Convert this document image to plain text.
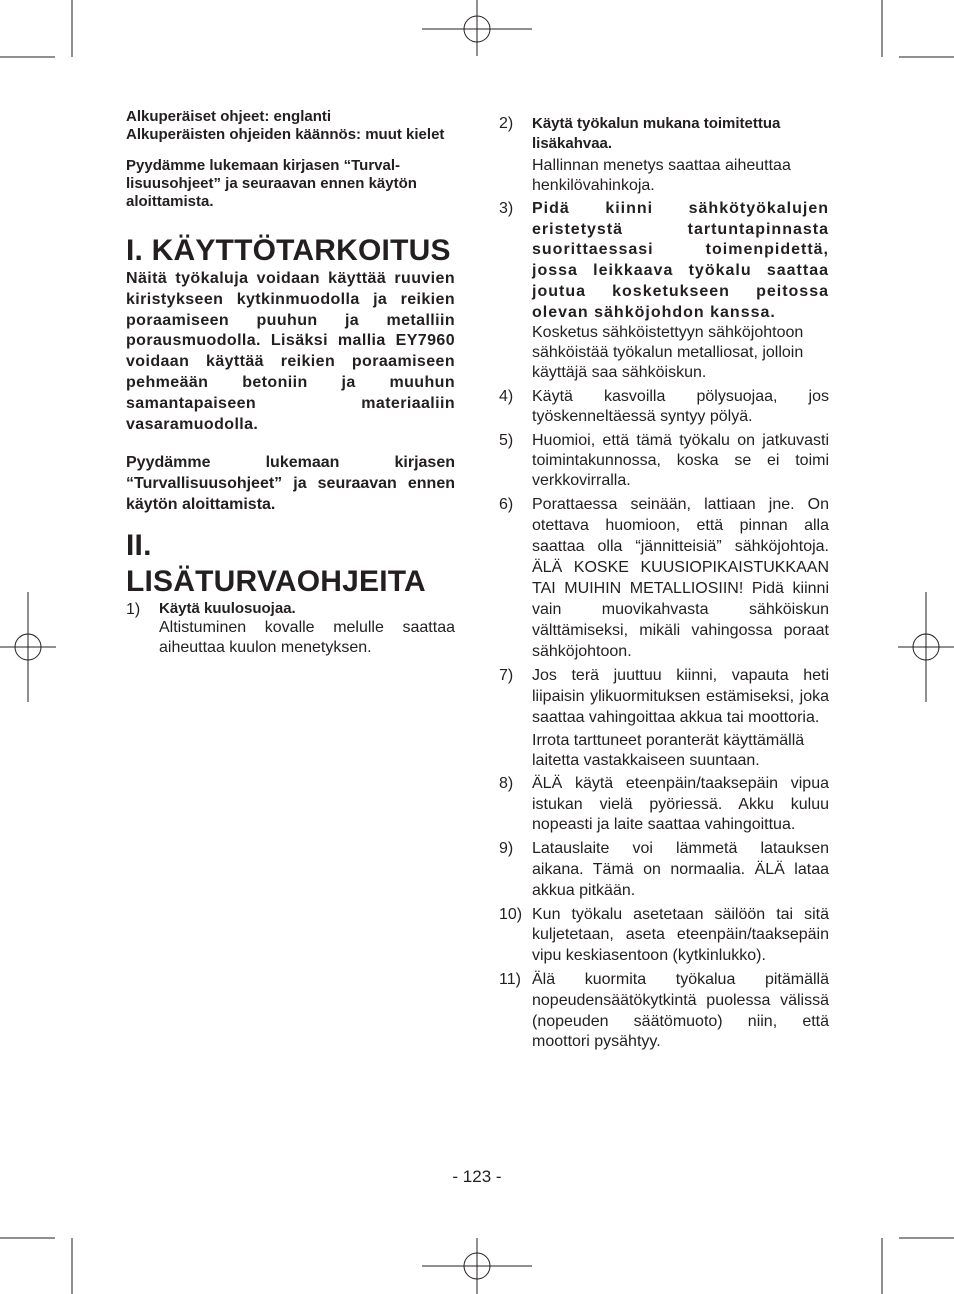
Alkuperäiset ohjeet: englanti

Alkuperäisten ohjeiden käännös: muut kielet

Pyydämme lukemaan kirjasen “Turval-lisuusohjeet” ja seuraavan ennen käytön aloittamista.

I. KÄYTTÖTARKOITUS

Näitä työkaluja voidaan käyttää ruuvien kiristykseen kytkinmuodolla ja reikien poraamiseen puuhun ja metalliin porausmuodolla. Lisäksi mallia EY7960 voidaan käyttää reikien poraamiseen pehmeään betoniin ja muuhun samantapaiseen materiaaliin vasaramuodolla.

Pyydämme lukemaan kirjasen “Turvallisuusohjeet” ja seuraavan ennen käytön aloittamista.

II. LISÄTURVAOHJEITA
1) Käytä kuulosuojaa.
Altistuminen kovalle melulle saattaa aiheuttaa kuulon menetyksen.
2) Käytä työkalun mukana toimitettua lisäkahvaa.
Hallinnan menetys saattaa aiheuttaa henkilövahinkoja.
3) Pidä kiinni sähkötyökalujen eristetystä tartuntapinnasta suorittaessasi toimenpidettä, jossa leikkaava työkalu saattaa joutua kosketukseen peitossa olevan sähköjohdon kanssa.
Kosketus sähköistettyyn sähköjohtoon sähköistää työkalun metalliosat, jolloin käyttäjä saa sähköiskun.
4) Käytä kasvoilla pölysuojaa, jos työskenneltäessä syntyy pölyä.
5) Huomioi, että tämä työkalu on jatkuvasti toimintakunnossa, koska se ei toimi verkkovirralla.
6) Porattaessa seinään, lattiaan jne. On otettava huomioon, että pinnan alla saattaa olla “jännitteisiä” sähköjohtoja. ÄLÄ KOSKE KUUSIOPIKAISTUKKAAN TAI MUIHIN METALLIOSIIN! Pidä kiinni vain muovikahvasta sähköiskun välttämiseksi, mikäli vahingossa poraat sähköjohtoon.
7) Jos terä juuttuu kiinni, vapauta heti liipaisin ylikuormituksen estämiseksi, joka saattaa vahingoittaa akkua tai moottoria.
Irrota tarttuneet poranterät käyttämällä laitetta vastakkaiseen suuntaan.
8) ÄLÄ käytä eteenpäin/taaksepäin vipua istukan vielä pyöriessä. Akku kuluu nopeasti ja laite saattaa vahingoittua.
9) Latauslaite voi lämmetä latauksen aikana. Tämä on normaalia. ÄLÄ lataa akkua pitkään.
10) Kun työkalu asetetaan säilöön tai sitä kuljetetaan, aseta eteenpäin/taaksepäin vipu keskiasentoon (kytkinlukko).
11) Älä kuormita työkalua pitämällä nopeudensäätökytkintä puolessa välissä (nopeuden säätömuoto) niin, että moottori pysähtyy.
- 123 -
